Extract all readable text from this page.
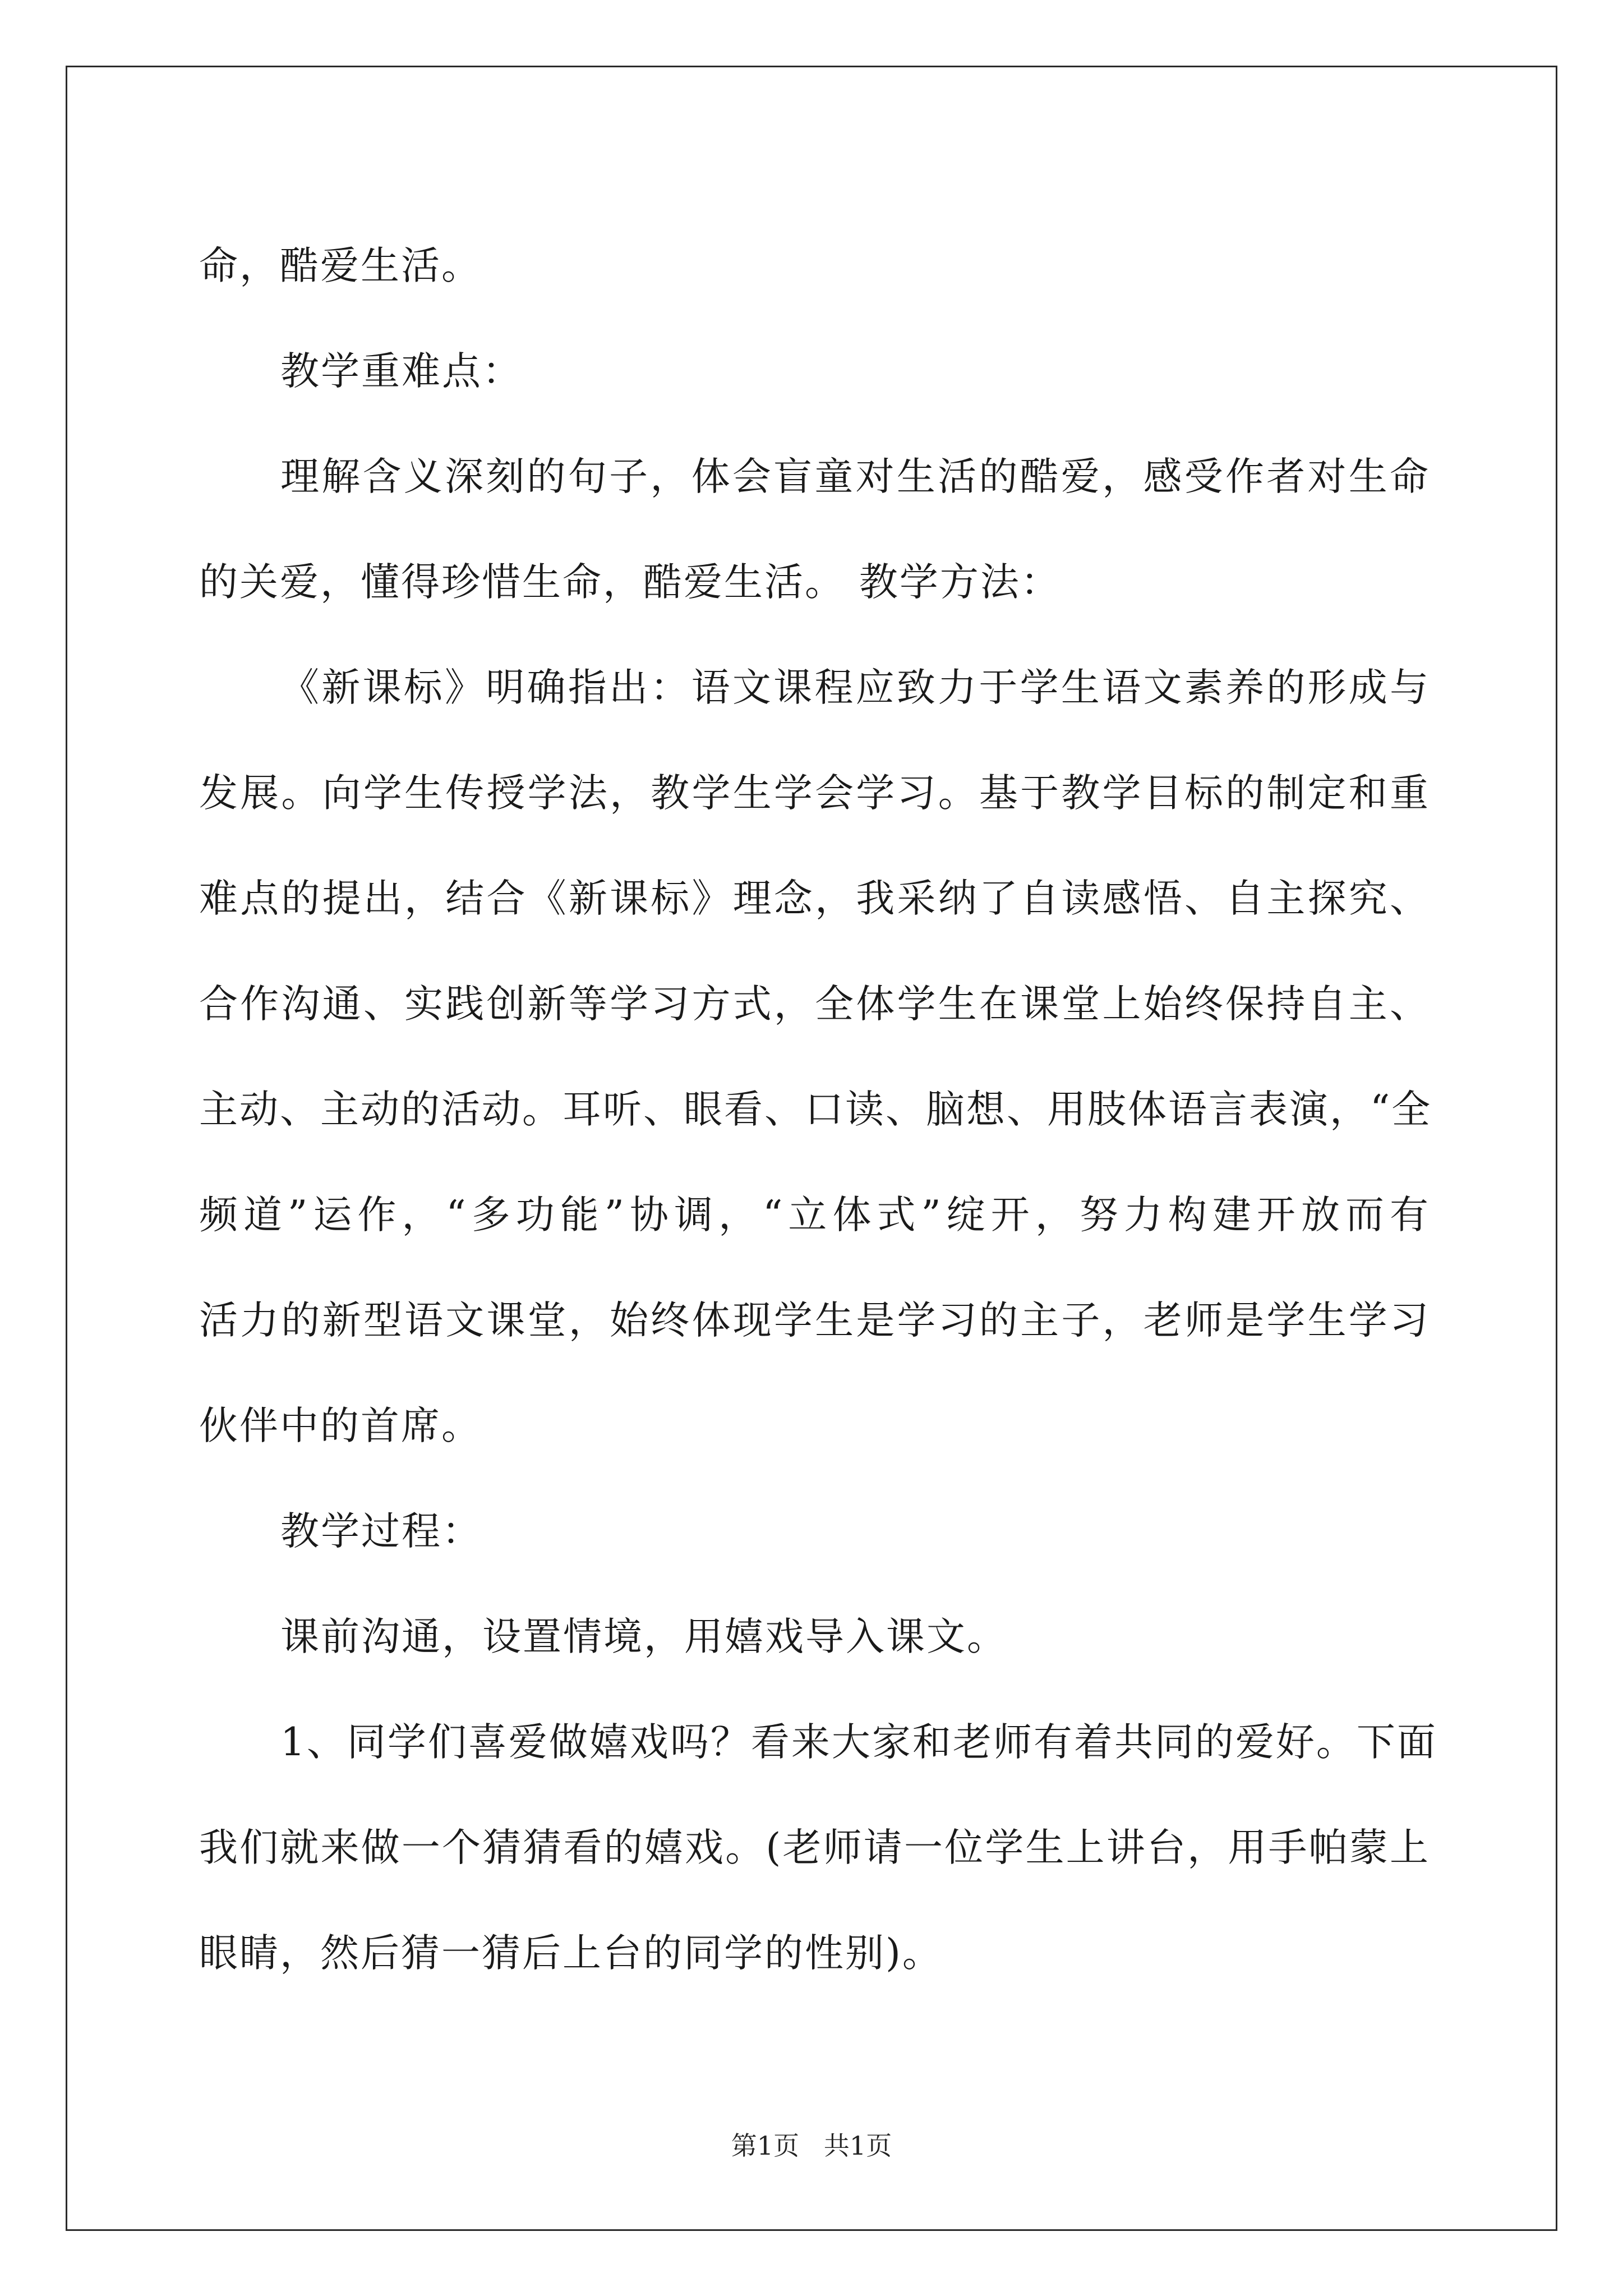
命，酷爱生活。

教学重难点：

理解含义深刻的句子，体会盲童对生活的酷爱，感受作者对生命

的关爱，懂得珍惜生命，酷爱生活。 教学方法：

《新课标》明确指出：语文课程应致力于学生语文素养的形成与

发展。向学生传授学法，教学生学会学习。基于教学目标的制定和重

难点的提出，结合《新课标》理念，我采纳了自读感悟、自主探究、

合作沟通、实践创新等学习方式，全体学生在课堂上始终保持自主、

主动、主动的活动。耳听、眼看、口读、脑想、用肢体语言表演，“全

频道”运作，“多功能”协调，“立体式”绽开，努力构建开放而有

活力的新型语文课堂，始终体现学生是学习的主子，老师是学生学习

伙伴中的首席。

教学过程：

课前沟通，设置情境，用嬉戏导入课文。

1、同学们喜爱做嬉戏吗？看来大家和老师有着共同的爱好。下面

我们就来做一个猜猜看的嬉戏。(老师请一位学生上讲台，用手帕蒙上

眼睛，然后猜一猜后上台的同学的性别)。

第1页   共1页
